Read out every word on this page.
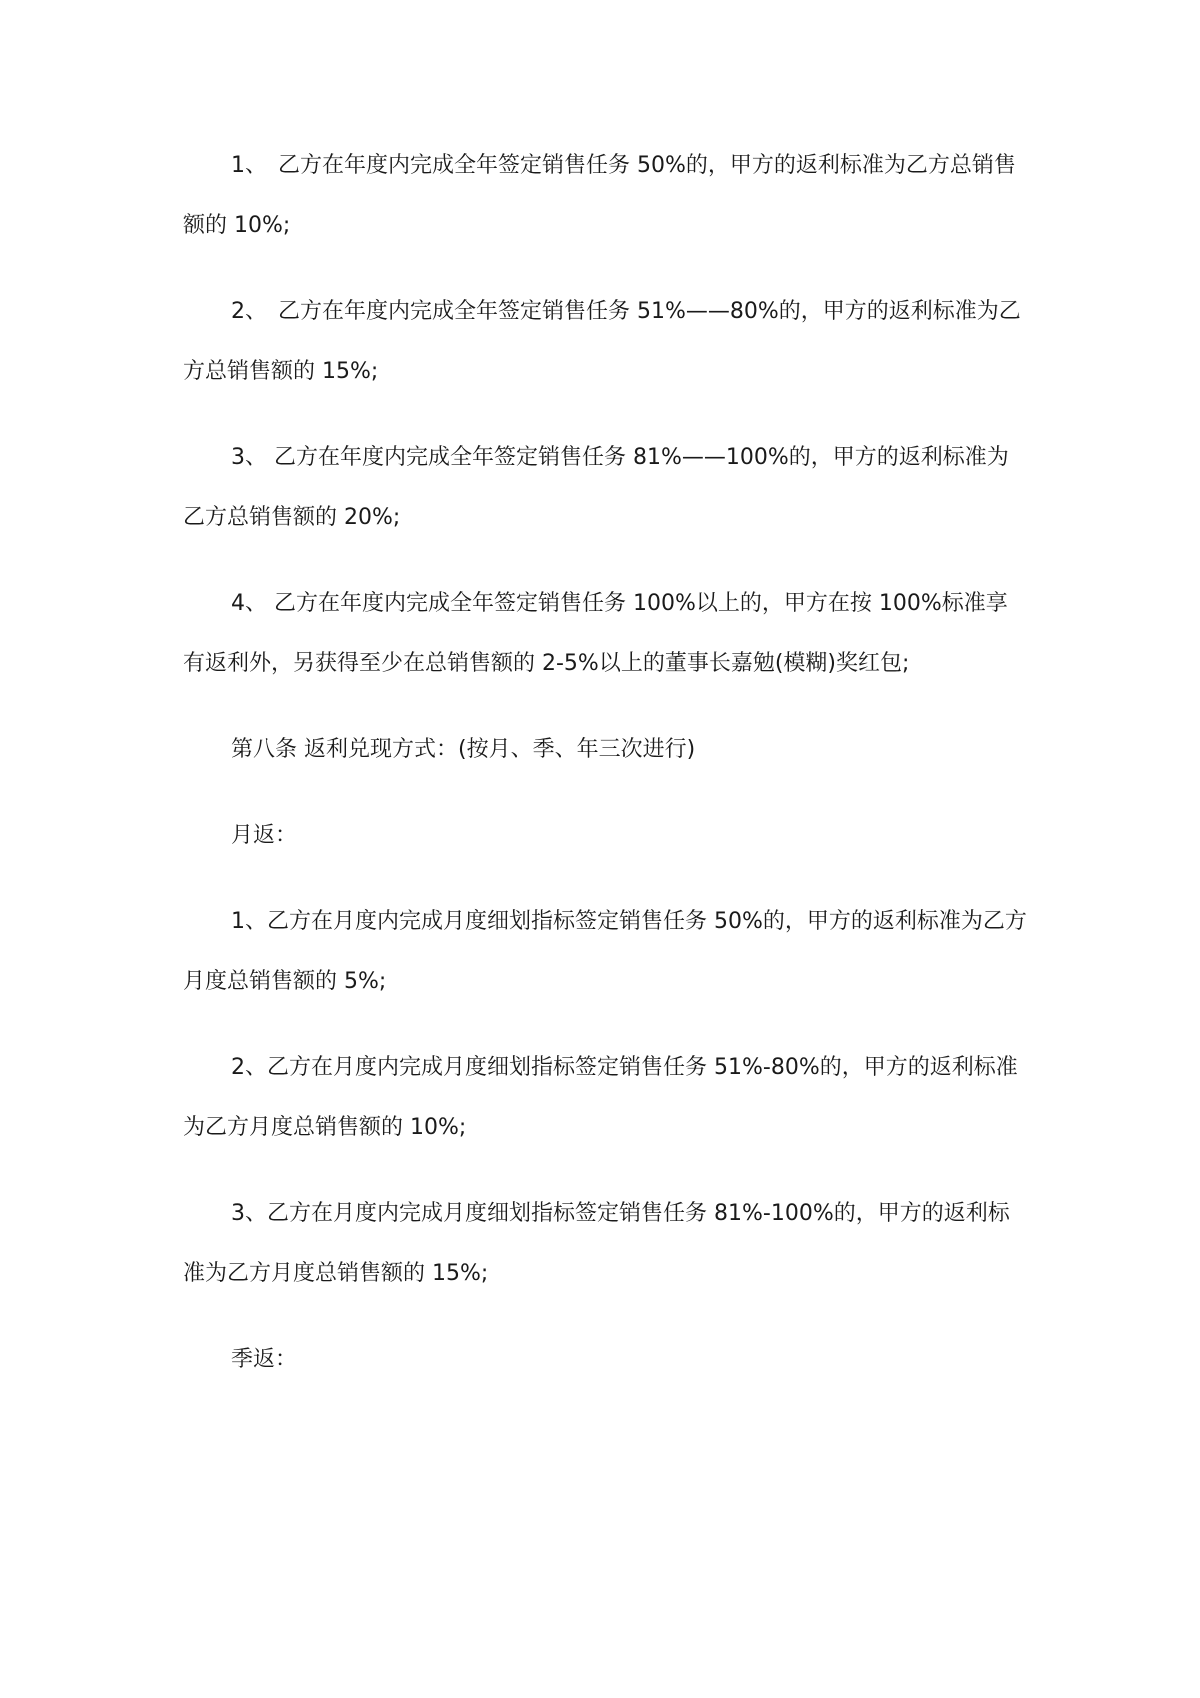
1、　乙方在年度内完成全年签定销售任务 50%的，甲方的返利标准为乙方总销售额的 10%;

2、　乙方在年度内完成全年签定销售任务 51%——80%的，甲方的返利标准为乙方总销售额的 15%;

3、 乙方在年度内完成全年签定销售任务 81%——100%的，甲方的返利标准为乙方总销售额的 20%;

4、 乙方在年度内完成全年签定销售任务 100%以上的，甲方在按 100%标准享有返利外，另获得至少在总销售额的 2-5%以上的董事长嘉勉(模糊)奖红包;

第八条 返利兑现方式：(按月、季、年三次进行)

月返：

1、乙方在月度内完成月度细划指标签定销售任务 50%的，甲方的返利标准为乙方月度总销售额的 5%;

2、乙方在月度内完成月度细划指标签定销售任务 51%-80%的，甲方的返利标准为乙方月度总销售额的 10%;

3、乙方在月度内完成月度细划指标签定销售任务 81%-100%的，甲方的返利标准为乙方月度总销售额的 15%;

季返：
